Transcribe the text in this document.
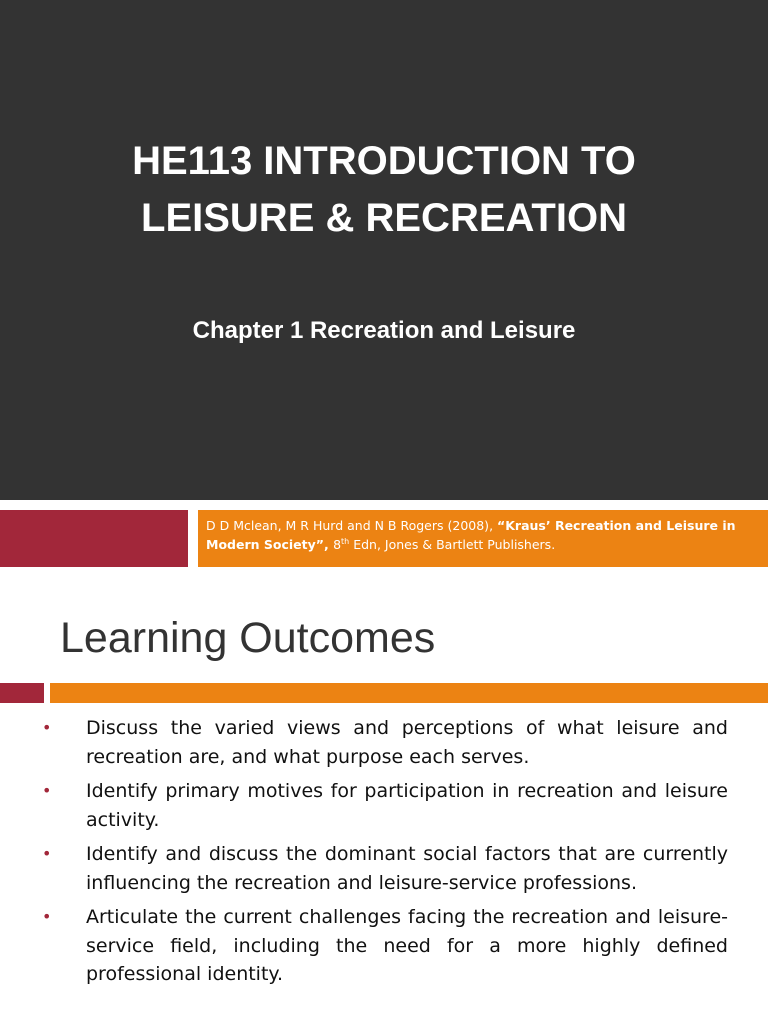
HE113 INTRODUCTION TO
LEISURE & RECREATION
Chapter 1 Recreation and Leisure
D D Mclean, M R Hurd and N B Rogers (2008), “Kraus’ Recreation and Leisure in Modern Society”, 8th Edn, Jones & Bartlett Publishers.
Learning Outcomes
• Discuss the varied views and perceptions of what leisure and recreation are, and what purpose each serves.
• Identify primary motives for participation in recreation and leisure activity.
• Identify and discuss the dominant social factors that are currently influencing the recreation and leisure-service professions.
• Articulate the current challenges facing the recreation and leisure-service field, including the need for a more highly defined professional identity.
